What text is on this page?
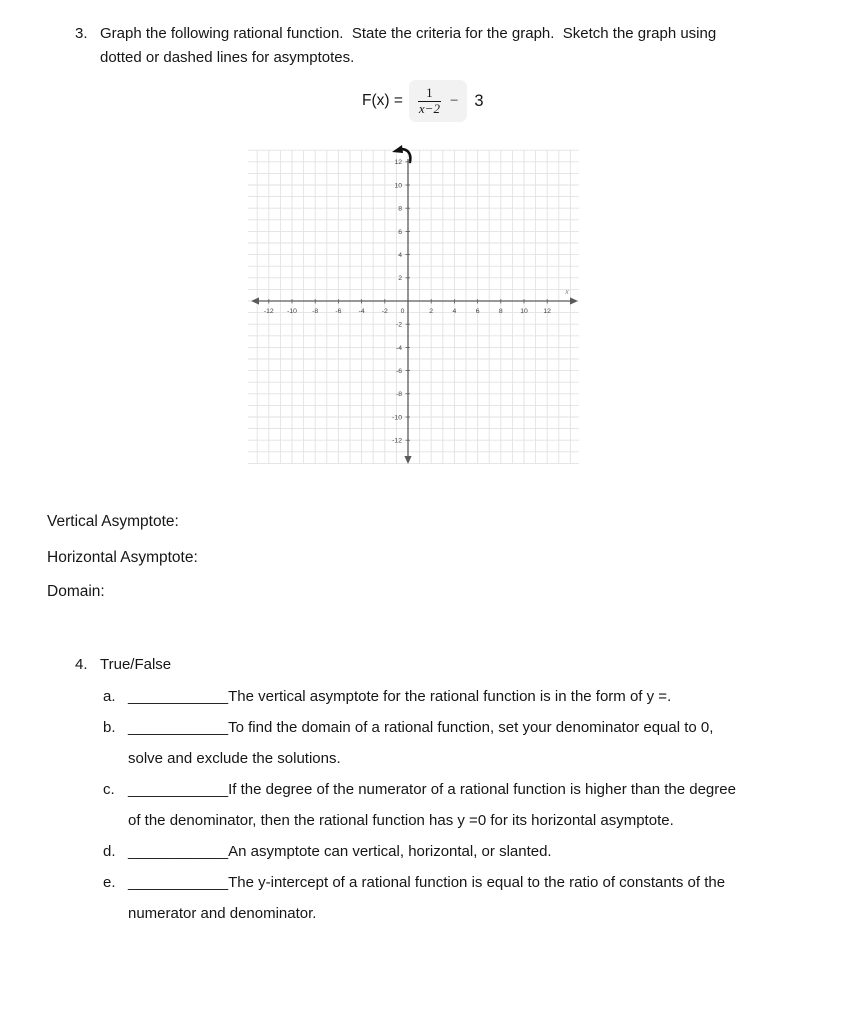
3. Graph the following rational function.  State the criteria for the graph.  Sketch the graph using
dotted or dashed lines for asymptotes.
$F(x) = \frac{1}{x-2} - 3$
-12 -10 -8	-6	-4	-2 0	2	4	6	8	10 12
12
10
8
6
4
2
-2
-4
-6
-8
-10
-12
x
Vertical Asymptote:
Horizontal Asymptote:
Domain:
4. True/False
a. ____________The vertical asymptote for the rational function is in the form of y =.
b. ____________To find the domain of a rational function, set your denominator equal to 0,
solve and exclude the solutions.
c. ____________If the degree of the numerator of a rational function is higher than the degree
of the denominator, then the rational function has y =0 for its horizontal asymptote.
d. ____________An asymptote can vertical, horizontal, or slanted.
e. ____________The y-intercept of a rational function is equal to the ratio of constants of the
numerator and denominator.
